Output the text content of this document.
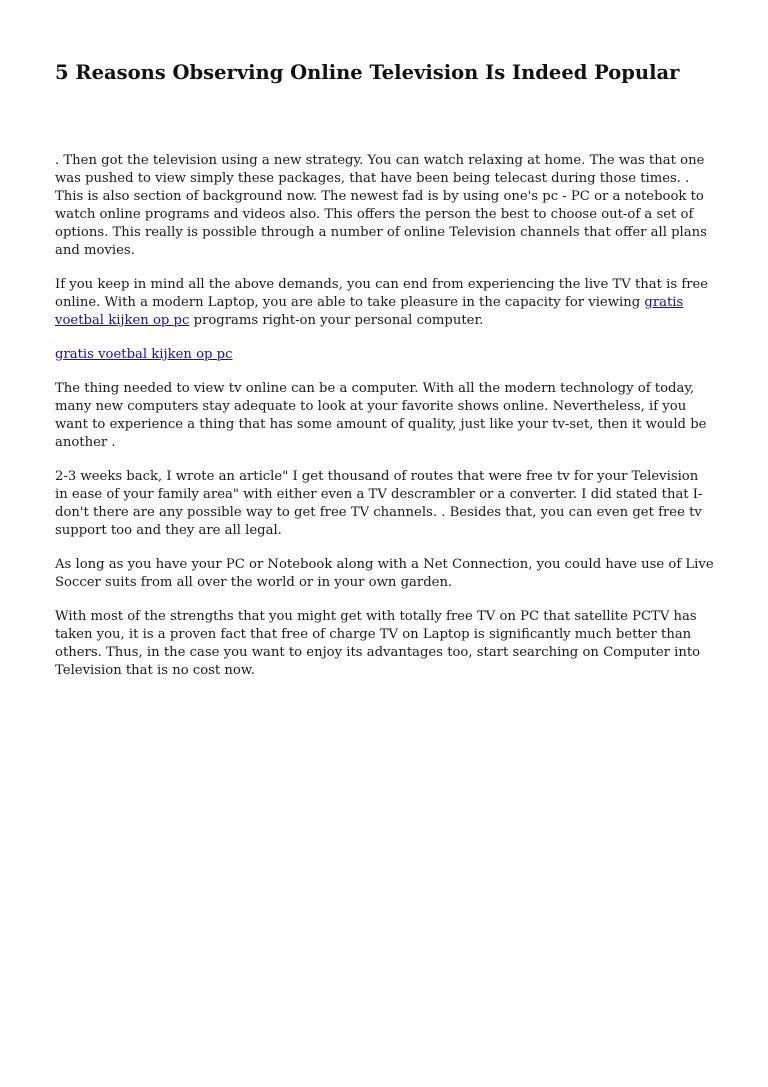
5 Reasons Observing Online Television Is Indeed Popular

. Then got the television using a new strategy. You can watch relaxing at home. The was that one was pushed to view simply these packages, that have been being telecast during those times. . This is also section of background now. The newest fad is by using one's pc - PC or a notebook to watch online programs and videos also. This offers the person the best to choose out-of a set of options. This really is possible through a number of online Television channels that offer all plans and movies.

If you keep in mind all the above demands, you can end from experiencing the live TV that is free online. With a modern Laptop, you are able to take pleasure in the capacity for viewing gratis voetbal kijken op pc programs right-on your personal computer.

gratis voetbal kijken op pc

The thing needed to view tv online can be a computer. With all the modern technology of today, many new computers stay adequate to look at your favorite shows online. Nevertheless, if you want to experience a thing that has some amount of quality, just like your tv-set, then it would be another .

2-3 weeks back, I wrote an article" I get thousand of routes that were free tv for your Television in ease of your family area" with either even a TV descrambler or a converter. I did stated that I-don't there are any possible way to get free TV channels. . Besides that, you can even get free tv support too and they are all legal.

As long as you have your PC or Notebook along with a Net Connection, you could have use of Live Soccer suits from all over the world or in your own garden.

With most of the strengths that you might get with totally free TV on PC that satellite PCTV has taken you, it is a proven fact that free of charge TV on Laptop is significantly much better than others. Thus, in the case you want to enjoy its advantages too, start searching on Computer into Television that is no cost now.
